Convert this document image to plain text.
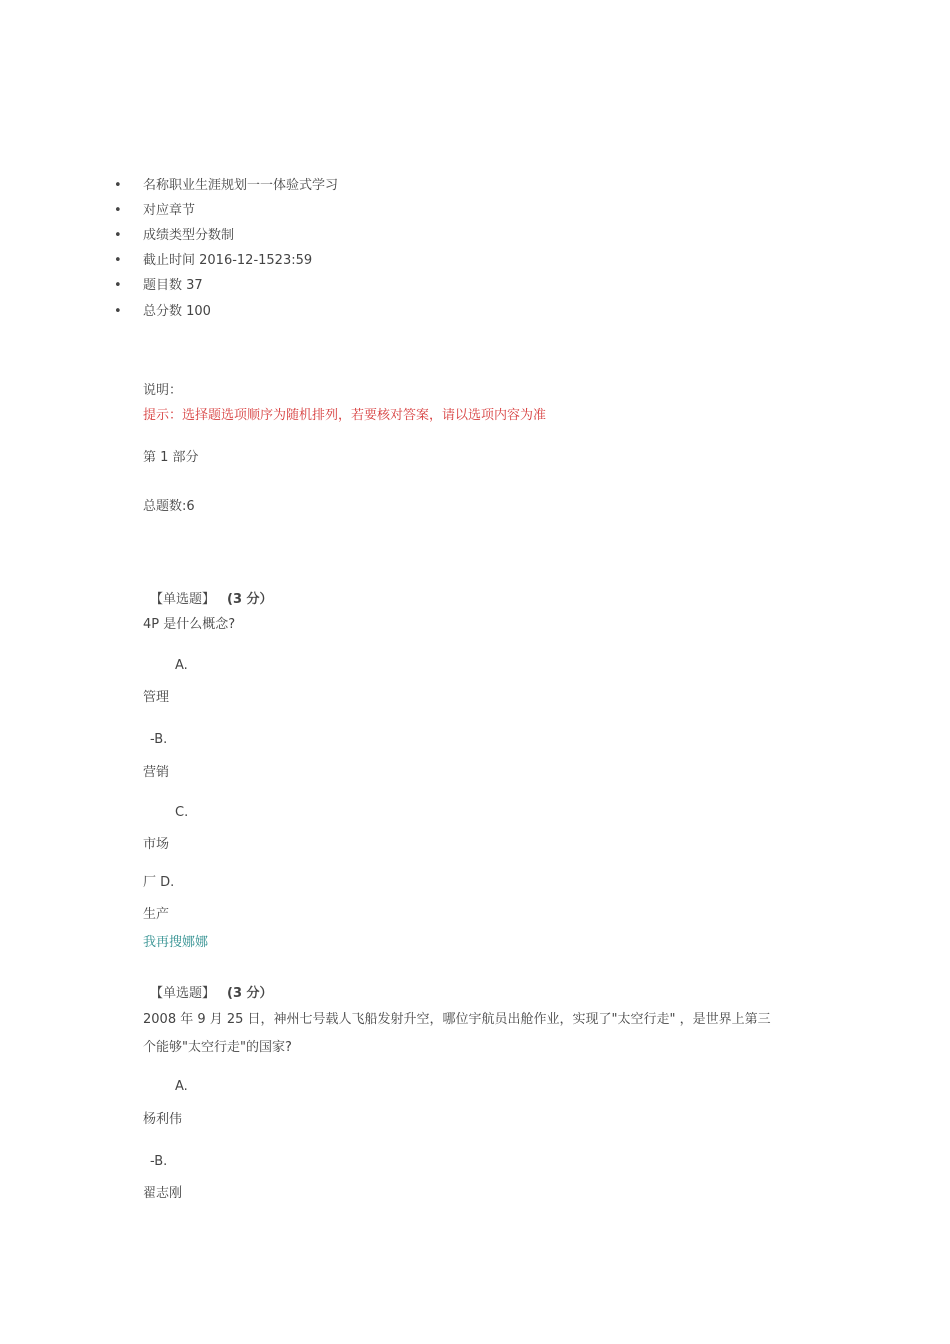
• 名称职业生涯规划一一体验式学习
• 对应章节
• 成绩类型分数制
• 截止时间 2016-12-1523:59
• 题目数 37
• 总分数 100
说明：
提示：选择题选项顺序为随机排列，若要核对答案，请以选项内容为准
第 1 部分
总题数:6
【单选题】 (3 分）
4P 是什么概念?
A.
管理
-B.
营销
C.
市场
厂 D.
生产
我再搜娜娜
【单选题】 (3 分）
2008 年 9 月 25 日，神州七号载人飞船发射升空，哪位宇航员出舱作业，实现了"太空行走" ，是世界上第三
个能够"太空行走"的国家?
A.
杨利伟
-B.
翟志刚
